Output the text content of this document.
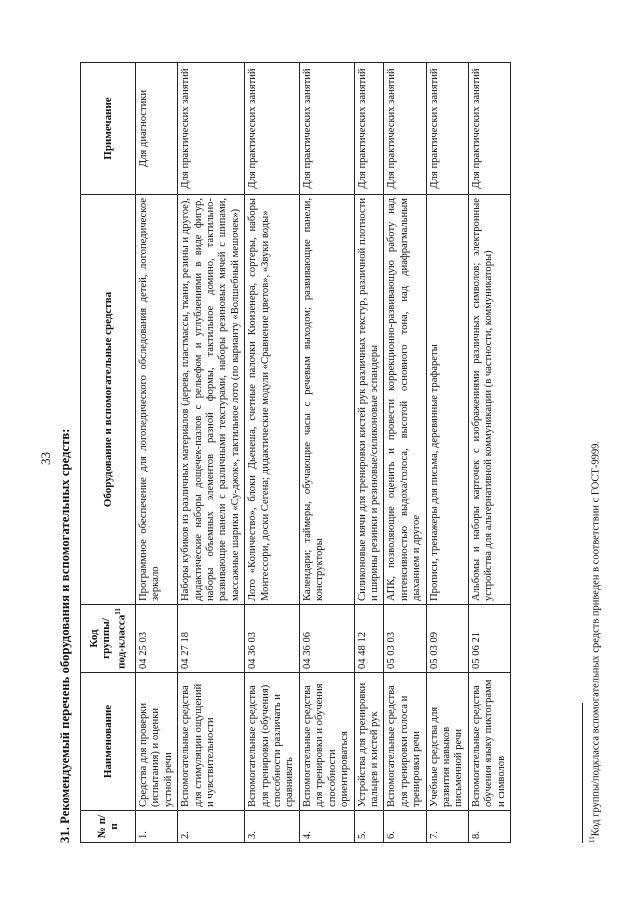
33 31. Рекомендуемый перечень оборудования и вспомогательных средств: № п/п	Наименование	Код группы/под-класса$^{11}$	Оборудование и вспомогательные средства	Примечание
1.	Средства для проверки (испытания) и оценки устной речи	04 25 03	Программное обеспечение для логопедического обследования детей, логопедическое зеркало	Для диагностики
2.	Вспомогательные средства для стимуляции ощущений и чувствительности	04 27 18	Наборы кубиков из различных материалов (дерева, пластмассы, ткани, резины и другое), дидактические наборы дощечек-пазлов с рельефом и углублениями в виде фигур, наборы объемных элементов разной формы, тактильное домино, тактильно-развивающие панели с различными текстурами, наборы резиновых мячей с шипами, массажные шарики «Су-джок», тактильное лото (по варианту «Волшебный мешочек»)	Для практических занятий
3.	Вспомогательные средства для тренировки (обучения) способности различать и сравнивать	04 36 03	Лото «Количество», блоки Дьенеша, счетные палочки Кюизенера, сортеры, наборы Монтессори, доски Сегена; дидактические модули «Сравнение цветов», «Звуки воды»	Для практических занятий
4.	Вспомогательные средства для тренировки и обучения способности ориентироваться	04 36 06	Календари; таймеры, обучающие часы с речевым выходом; развивающие панели, конструкторы	Для практических занятий
5.	Устройства для тренировки пальцев и кистей рук	04 48 12	Силиконовые мячи для тренировки кистей рук различных текстур, различной плотности и ширины резинки и резиновые/силиконовые эспандеры	Для практических занятий
6.	Вспомогательные средства для тренировки голоса и тренировки речи	05 03 03	АПК, позволяющие оценить и провести коррекционно-развивающую работу над интенсивностью выдоха/голоса, высотой основного тона, над диафрагмальным дыханием и другое	Для практических занятий
7.	Учебные средства для развития навыков письменной речи	05 03 09	Прописи, тренажеры для письма, деревянные трафареты	Для практических занятий
8.	Вспомогательные средства обучения языку пиктограмм и символов	05 06 21	Альбомы и наборы карточек с изображениями различных символов; электронные устройства для альтернативной коммуникации (в частности, коммуникаторы)	Для практических занятий
$^{11}$Код группы/подкласса вспомогательных средств приведен в соответствии с ГОСТ-9999.
